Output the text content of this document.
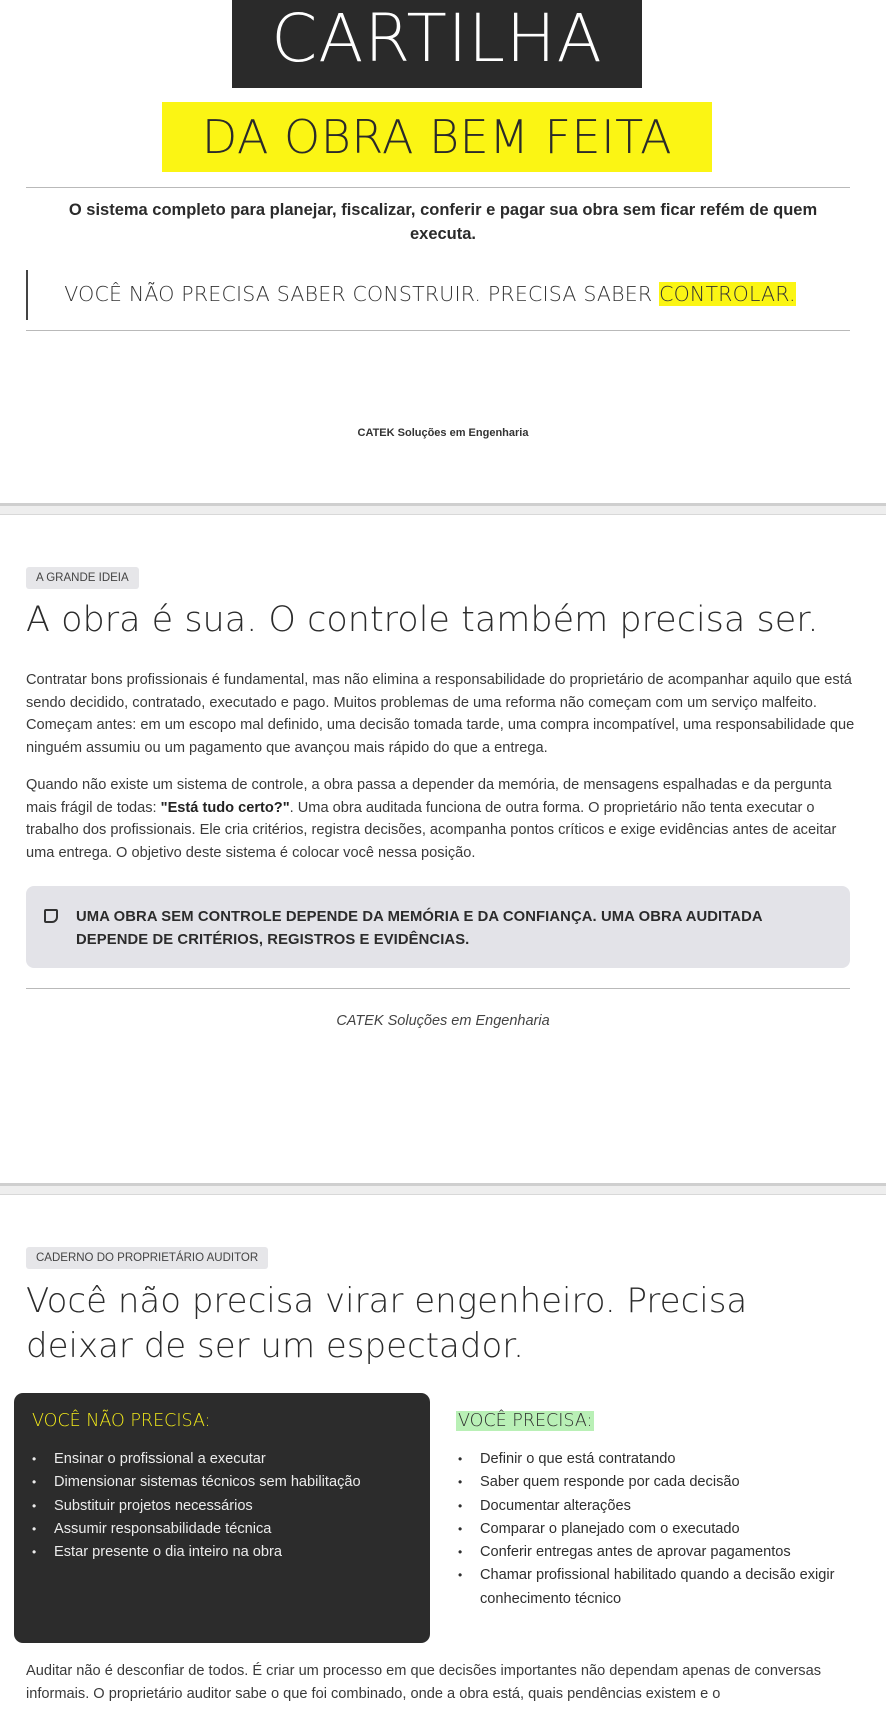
CARTILHA
DA OBRA BEM FEITA
O sistema completo para planejar, fiscalizar, conferir e pagar sua obra sem ficar refém de quem executa.
VOCÊ NÃO PRECISA SABER CONSTRUIR. PRECISA SABER CONTROLAR.
CATEK Soluções em Engenharia
A GRANDE IDEIA
A obra é sua. O controle também precisa ser.
Contratar bons profissionais é fundamental, mas não elimina a responsabilidade do proprietário de acompanhar aquilo que está sendo decidido, contratado, executado e pago. Muitos problemas de uma reforma não começam com um serviço malfeito. Começam antes: em um escopo mal definido, uma decisão tomada tarde, uma compra incompatível, uma responsabilidade que ninguém assumiu ou um pagamento que avançou mais rápido do que a entrega.
Quando não existe um sistema de controle, a obra passa a depender da memória, de mensagens espalhadas e da pergunta mais frágil de todas: "Está tudo certo?". Uma obra auditada funciona de outra forma. O proprietário não tenta executar o trabalho dos profissionais. Ele cria critérios, registra decisões, acompanha pontos críticos e exige evidências antes de aceitar uma entrega. O objetivo deste sistema é colocar você nessa posição.
UMA OBRA SEM CONTROLE DEPENDE DA MEMÓRIA E DA CONFIANÇA. UMA OBRA AUDITADA DEPENDE DE CRITÉRIOS, REGISTROS E EVIDÊNCIAS.
CATEK Soluções em Engenharia
CADERNO DO PROPRIETÁRIO AUDITOR
Você não precisa virar engenheiro. Precisa
deixar de ser um espectador.
VOCÊ NÃO PRECISA:
• Ensinar o profissional a executar
• Dimensionar sistemas técnicos sem habilitação
• Substituir projetos necessários
• Assumir responsabilidade técnica
• Estar presente o dia inteiro na obra
VOCÊ PRECISA:
• Definir o que está contratando
• Saber quem responde por cada decisão
• Documentar alterações
• Comparar o planejado com o executado
• Conferir entregas antes de aprovar pagamentos
• Chamar profissional habilitado quando a decisão exigir conhecimento técnico
Auditar não é desconfiar de todos. É criar um processo em que decisões importantes não dependam apenas de conversas informais. O proprietário auditor sabe o que foi combinado, onde a obra está, quais pendências existem e o
